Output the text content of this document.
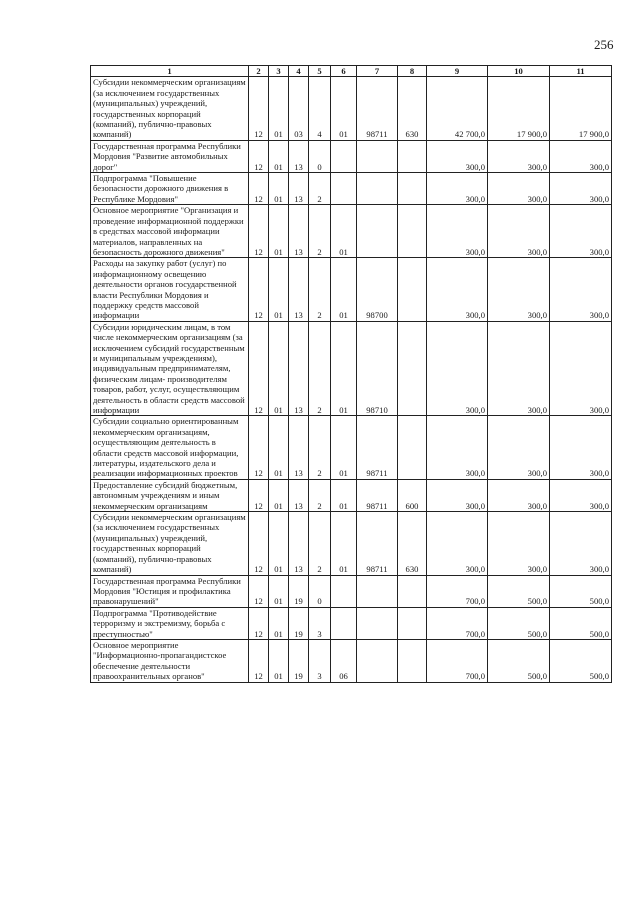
256
1	2	3	4	5	6	7	8	9	10	11
Субсидии некоммерческим организациям (за исключением государственных (муниципальных) учреждений, государственных корпораций (компаний), публично-правовых компаний)	12	01	03	4	01	98711	630	42 700,0	17 900,0	17 900,0
Государственная программа Республики Мордовия "Развитие автомобильных дорог"	12	01	13	0				300,0	300,0	300,0
Подпрограмма "Повышение безопасности дорожного движения в Республике Мордовия"	12	01	13	2				300,0	300,0	300,0
Основное мероприятие "Организация и проведение информационной поддержки в средствах массовой информации материалов, направленных на безопасность дорожного движения"	12	01	13	2	01			300,0	300,0	300,0
Расходы на закупку работ (услуг) по информационному освещению деятельности органов государственной власти Республики Мордовия и поддержку средств массовой информации	12	01	13	2	01	98700		300,0	300,0	300,0
Субсидии юридическим лицам, в том числе некоммерческим организациям (за исключением субсидий государственным и муниципальным учреждениям), индивидуальным предпринимателям, физическим лицам- производителям товаров, работ, услуг, осуществляющим деятельность в области средств массовой информации	12	01	13	2	01	98710		300,0	300,0	300,0
Субсидии социально ориентированным некоммерческим организациям, осуществляющим деятельность в области средств массовой информации, литературы, издательского дела и реализации информационных проектов	12	01	13	2	01	98711		300,0	300,0	300,0
Предоставление субсидий бюджетным, автономным учреждениям и иным некоммерческим организациям	12	01	13	2	01	98711	600	300,0	300,0	300,0
Субсидии некоммерческим организациям (за исключением государственных (муниципальных) учреждений, государственных корпораций (компаний), публично-правовых компаний)	12	01	13	2	01	98711	630	300,0	300,0	300,0
Государственная программа Республики Мордовия "Юстиция и профилактика правонарушений"	12	01	19	0				700,0	500,0	500,0
Подпрограмма "Противодействие терроризму и экстремизму, борьба с преступностью"	12	01	19	3				700,0	500,0	500,0
Основное мероприятие "Информационно-пропагандистское обеспечение деятельности правоохранительных органов"	12	01	19	3	06			700,0	500,0	500,0
